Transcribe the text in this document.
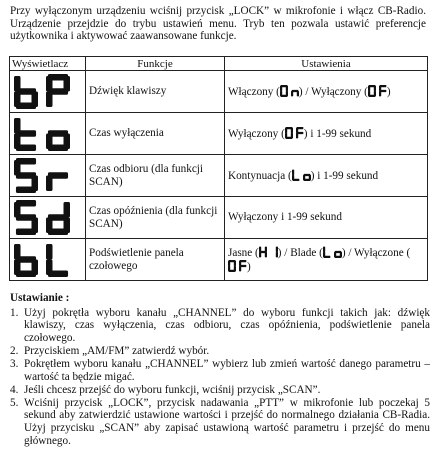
Przy wyłączonym urządzeniu wciśnij przycisk „LOCK” w mikrofonie i włącz CB-Radio. Urządzenie przejdzie do trybu ustawień menu. Tryb ten pozwala ustawić preferencje użytkownika i aktywować zaawansowane funkcje.
Wyświetlacz	Funkcje	Ustawienia

	Dźwięk klawiszy	Włączony ( ) / Wyłączony ( )

	Czas wyłączenia	Wyłączony ( ) i 1-99 sekund

	Czas odbioru (dla funkcji SCAN)	Kontynuacja ( ) i 1-99 sekund

	Czas opóźnienia (dla funkcji SCAN)	Wyłączony i 1-99 sekund

	Podświetlenie panela czołowego	Jasne ( ) / Blade ( ) / Wyłączone (
)
Ustawianie :
1. Użyj pokrętła wyboru kanału „CHANNEL” do wyboru funkcji takich jak: dźwięk klawiszy, czas wyłączenia, czas odbioru, czas opóźnienia, podświetlenie panela czołowego.
2. Przyciskiem „AM/FM” zatwierdź wybór.
3. Pokrętłem wyboru kanału „CHANNEL” wybierz lub zmień wartość danego parametru – wartość ta będzie migać.
4. Jeśli chcesz przejść do wyboru funkcji, wciśnij przycisk „SCAN”.
5. Wciśnij przycisk „LOCK”, przycisk nadawania „PTT” w mikrofonie lub poczekaj 5 sekund aby zatwierdzić ustawione wartości i przejść do normalnego działania CB-Radia. Użyj przycisku „SCAN” aby zapisać ustawioną wartość parametru i przejść do menu głównego.
